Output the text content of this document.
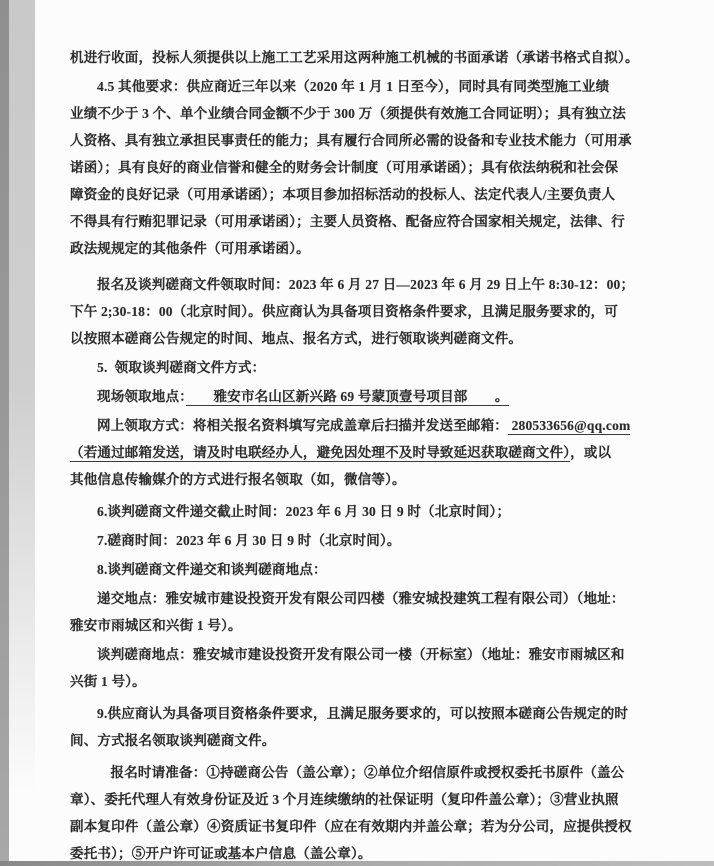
机进行收面，投标人须提供以上施工工艺采用这两种施工机械的书面承诺（承诺书格式自拟）。
4.5 其他要求：供应商近三年以来（2020 年 1 月 1 日至今），同时具有同类型施工业绩
业绩不少于 3 个、单个业绩合同金额不少于 300 万（须提供有效施工合同证明）；具有独立法
人资格、具有独立承担民事责任的能力；具有履行合同所必需的设备和专业技术能力（可用承
诺函）；具有良好的商业信誉和健全的财务会计制度（可用承诺函）；具有依法纳税和社会保
障资金的良好记录（可用承诺函）；本项目参加招标活动的投标人、法定代表人/主要负责人
不得具有行贿犯罪记录（可用承诺函）；主要人员资格、配备应符合国家相关规定，法律、行
政法规规定的其他条件（可用承诺函）。
报名及谈判磋商文件领取时间：2023 年 6 月 27 日—2023 年 6 月 29 日上午 8:30-12：00；
下午 2;30-18：00（北京时间）。供应商认为具备项目资格条件要求，且满足服务要求的，可
以按照本磋商公告规定的时间、地点、报名方式，进行领取谈判磋商文件。
5.  领取谈判磋商文件方式：
现场领取地点：　　雅安市名山区新兴路 69 号蒙顶壹号项目部　　。
网上领取方式：将相关报名资料填写完成盖章后扫描并发送至邮箱： 280533656@qq.com
（若通过邮箱发送，请及时电联经办人，避免因处理不及时导致延迟获取磋商文件），或以
其他信息传输媒介的方式进行报名领取（如，微信等）。
6.谈判磋商文件递交截止时间：2023 年 6 月 30 日 9 时（北京时间）；
7.磋商时间：2023 年 6 月 30 日 9 时（北京时间）。
8.谈判磋商文件递交和谈判磋商地点：
递交地点：雅安城市建设投资开发有限公司四楼（雅安城投建筑工程有限公司）（地址：
雅安市雨城区和兴街 1 号）。
谈判磋商地点：雅安城市建设投资开发有限公司一楼（开标室）（地址：雅安市雨城区和
兴街 1 号）。
9.供应商认为具备项目资格条件要求，且满足服务要求的，可以按照本磋商公告规定的时
间、方式报名领取谈判磋商文件。
报名时请准备：①持磋商公告（盖公章）；②单位介绍信原件或授权委托书原件（盖公
章）、委托代理人有效身份证及近 3 个月连续缴纳的社保证明（复印件盖公章）；③营业执照
副本复印件（盖公章）④资质证书复印件（应在有效期内并盖公章；若为分公司，应提供授权
委托书）；⑤开户许可证或基本户信息（盖公章）。
